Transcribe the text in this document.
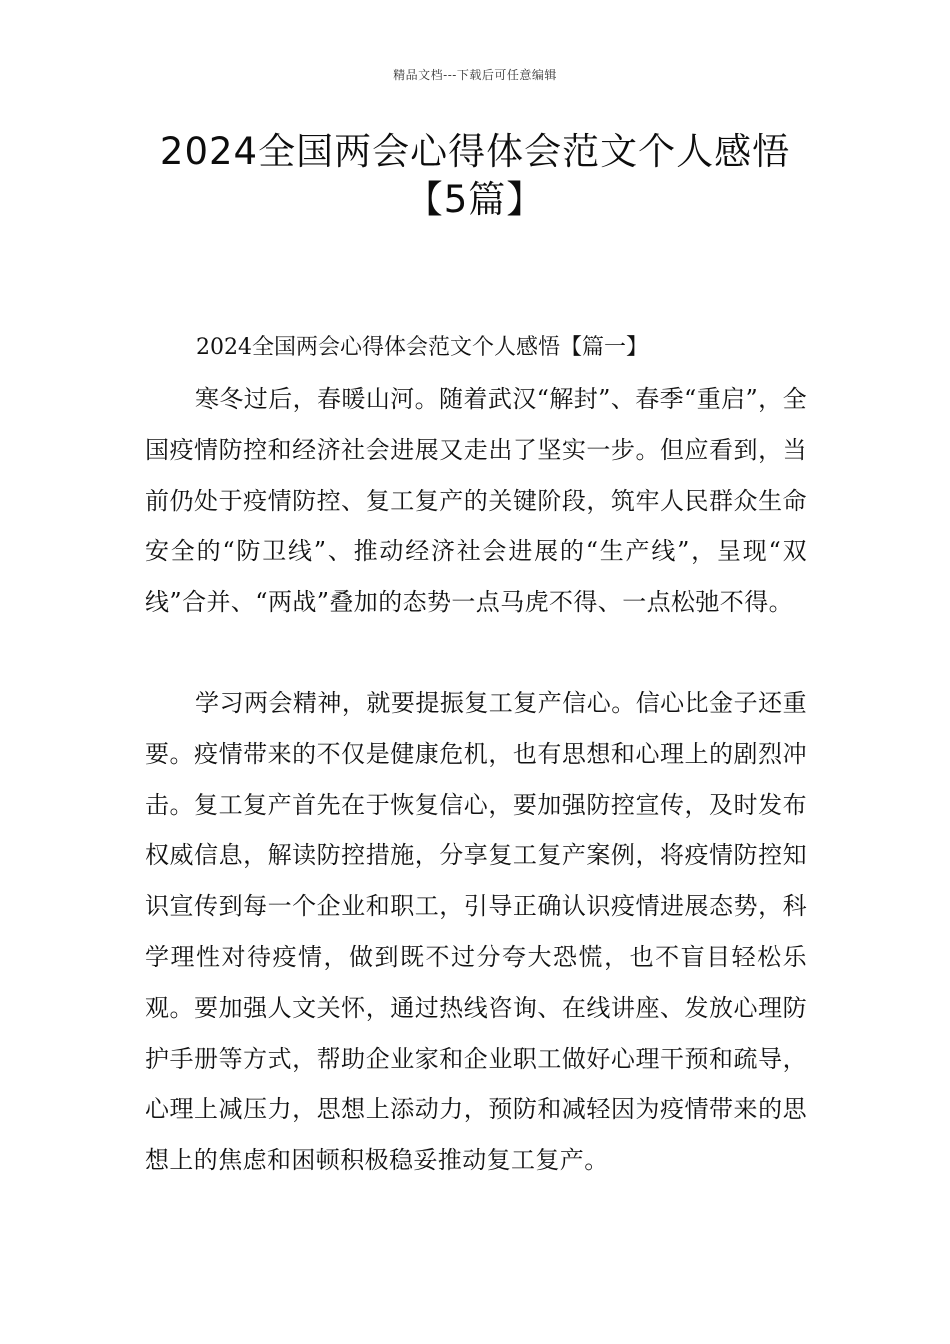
精品文档---下载后可任意编辑
2024全国两会心得体会范文个人感悟
【5篇】
2024全国两会心得体会范文个人感悟【篇一】

寒冬过后，春暖山河。随着武汉“解封”、春季“重启”，全国疫情防控和经济社会进展又走出了坚实一步。但应看到，当前仍处于疫情防控、复工复产的关键阶段，筑牢人民群众生命安全的“防卫线”、推动经济社会进展的“生产线”，呈现“双线”合并、“两战”叠加的态势一点马虎不得、一点松弛不得。

学习两会精神，就要提振复工复产信心。信心比金子还重要。疫情带来的不仅是健康危机，也有思想和心理上的剧烈冲击。复工复产首先在于恢复信心，要加强防控宣传，及时发布权威信息，解读防控措施，分享复工复产案例，将疫情防控知识宣传到每一个企业和职工，引导正确认识疫情进展态势，科学理性对待疫情，做到既不过分夸大恐慌，也不盲目轻松乐观。要加强人文关怀，通过热线咨询、在线讲座、发放心理防护手册等方式，帮助企业家和企业职工做好心理干预和疏导，心理上减压力，思想上添动力，预防和减轻因为疫情带来的思想上的焦虑和困顿积极稳妥推动复工复产。
